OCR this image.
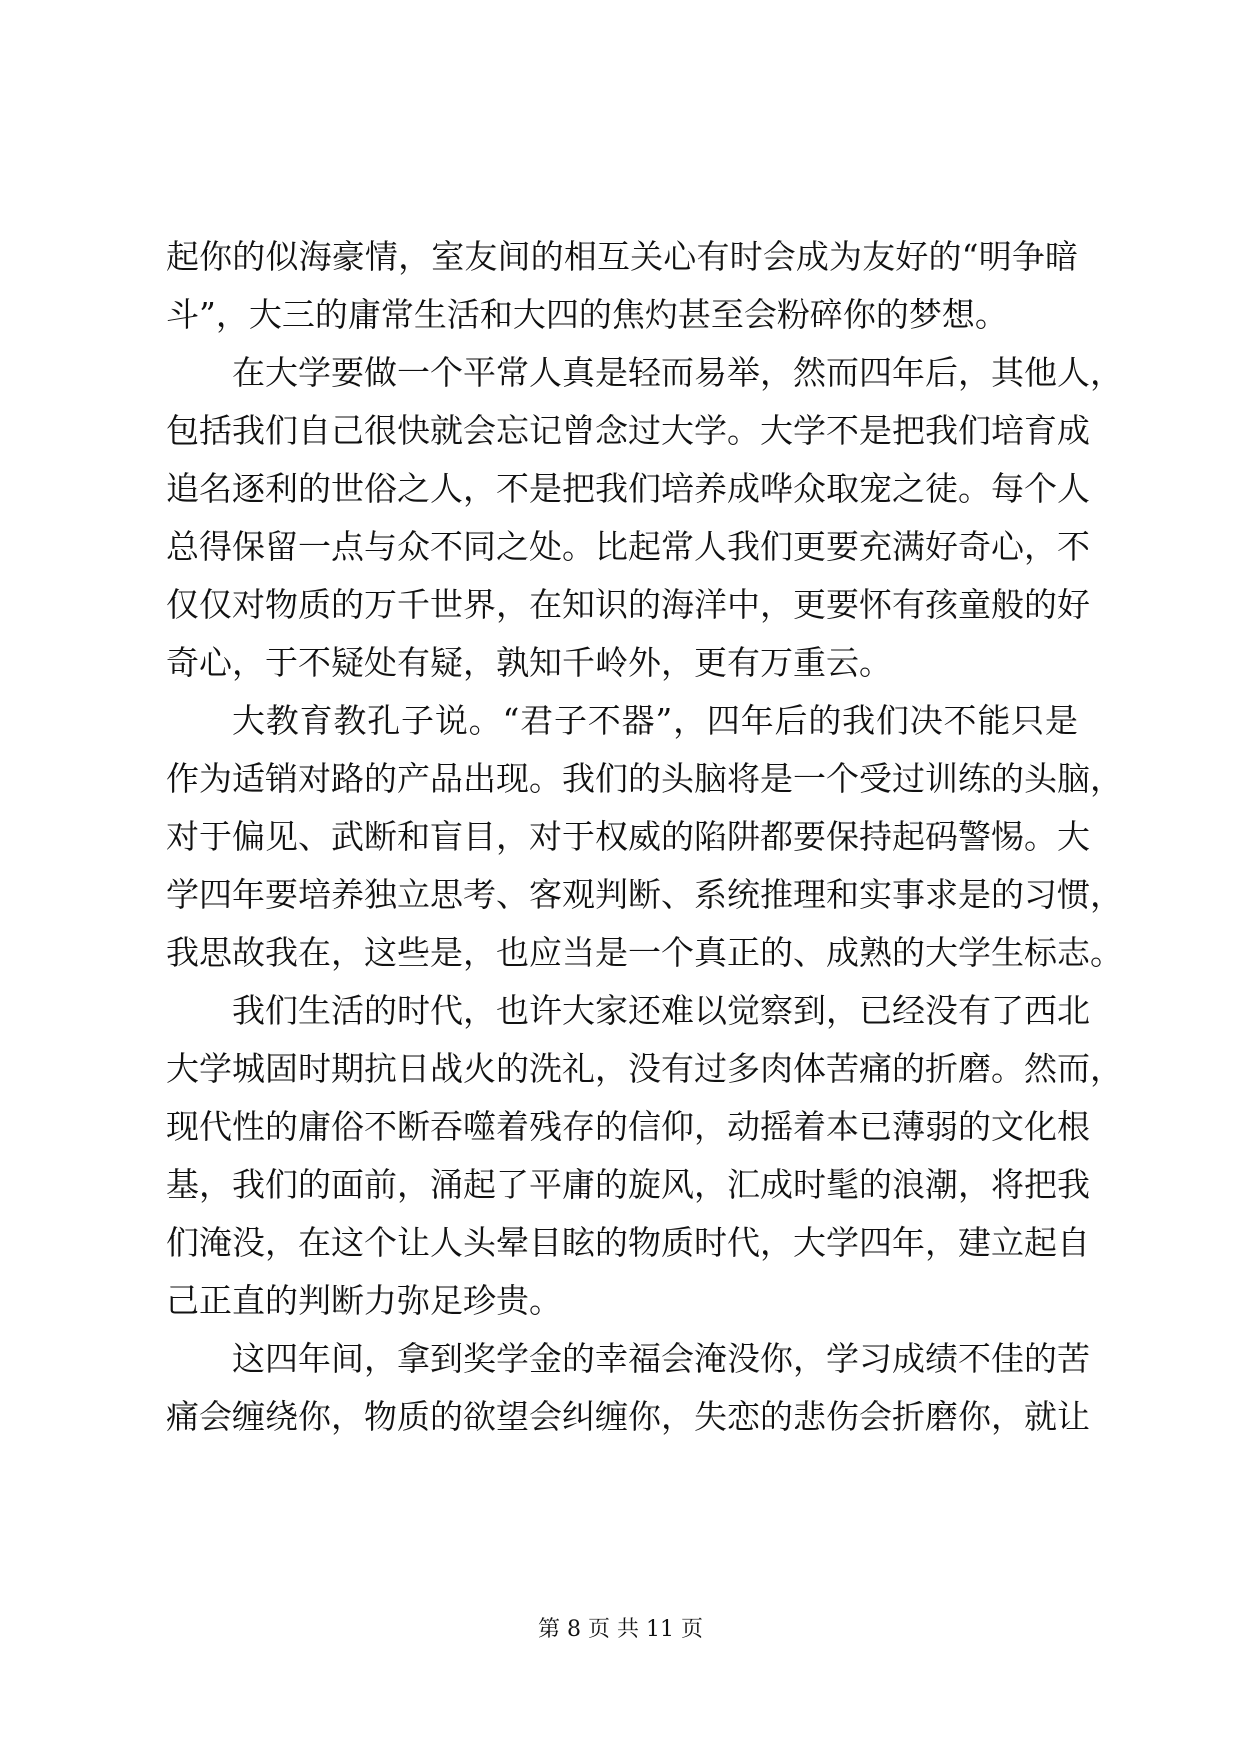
起你的似海豪情，室友间的相互关心有时会成为友好的“明争暗
斗”，大三的庸常生活和大四的焦灼甚至会粉碎你的梦想。

在大学要做一个平常人真是轻而易举，然而四年后，其他人，
包括我们自己很快就会忘记曾念过大学。大学不是把我们培育成
追名逐利的世俗之人，不是把我们培养成哗众取宠之徒。每个人
总得保留一点与众不同之处。比起常人我们更要充满好奇心，不
仅仅对物质的万千世界，在知识的海洋中，更要怀有孩童般的好
奇心，于不疑处有疑，孰知千岭外，更有万重云。

大教育教孔子说。“君子不器”，四年后的我们决不能只是
作为适销对路的产品出现。我们的头脑将是一个受过训练的头脑，
对于偏见、武断和盲目，对于权威的陷阱都要保持起码警惕。大
学四年要培养独立思考、客观判断、系统推理和实事求是的习惯，
我思故我在，这些是，也应当是一个真正的、成熟的大学生标志。

我们生活的时代，也许大家还难以觉察到，已经没有了西北
大学城固时期抗日战火的洗礼，没有过多肉体苦痛的折磨。然而，
现代性的庸俗不断吞噬着残存的信仰，动摇着本已薄弱的文化根
基，我们的面前，涌起了平庸的旋风，汇成时髦的浪潮，将把我
们淹没，在这个让人头晕目眩的物质时代，大学四年，建立起自
己正直的判断力弥足珍贵。

这四年间，拿到奖学金的幸福会淹没你，学习成绩不佳的苦
痛会缠绕你，物质的欲望会纠缠你，失恋的悲伤会折磨你，就让

第 8 页 共 11 页
